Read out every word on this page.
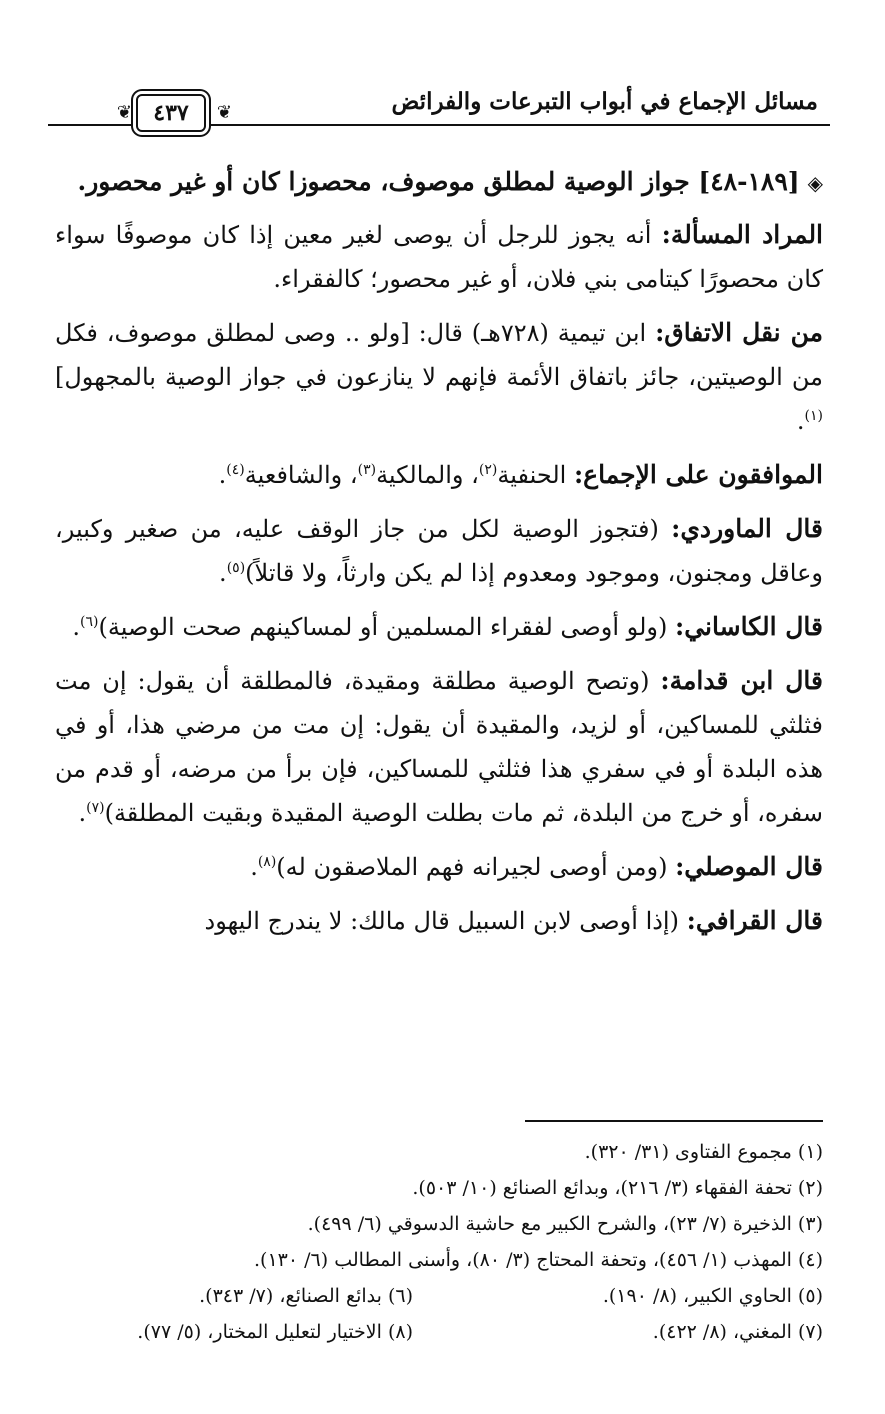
مسائل الإجماع في أبواب التبرعات والفرائض
❦ ٤٣٧	❦

◈[١٨٩-٤٨] جواز الوصية لمطلق موصوف، محصوزا كان أو غير محصور.

المراد المسألة: أنه يجوز للرجل أن يوصى لغير معين إذا كان موصوفًا سواء كان محصورًا كيتامى بني فلان، أو غير محصور؛ كالفقراء.

من نقل الاتفاق: ابن تيمية (٧٢٨هـ) قال: [ولو .. وصى لمطلق موصوف، فكل من الوصيتين، جائز باتفاق الأئمة فإنهم لا ينازعون في جواز الوصية بالمجهول]$^{(١)}$.

الموافقون على الإجماع: الحنفية$^{(٢)}$، والمالكية$^{(٣)}$، والشافعية$^{(٤)}$.

قال الماوردي: (فتجوز الوصية لكل من جاز الوقف عليه، من صغير وكبير، وعاقل ومجنون، وموجود ومعدوم إذا لم يكن وارثاً، ولا قاتلاً)$^{(٥)}$.

قال الكاساني: (ولو أوصى لفقراء المسلمين أو لمساكينهم صحت الوصية)$^{(٦)}$.

قال ابن قدامة: (وتصح الوصية مطلقة ومقيدة، فالمطلقة أن يقول: إن مت فثلثي للمساكين، أو لزيد، والمقيدة أن يقول: إن مت من مرضي هذا، أو في هذه البلدة أو في سفري هذا فثلثي للمساكين، فإن برأ من مرضه، أو قدم من سفره، أو خرج من البلدة، ثم مات بطلت الوصية المقيدة وبقيت المطلقة)$^{(٧)}$.

قال الموصلي: (ومن أوصى لجيرانه فهم الملاصقون له)$^{(٨)}$.

قال القرافي: (إذا أوصى لابن السبيل قال مالك: لا يندرج اليهود

(١) مجموع الفتاوى (٣١/ ٣٢٠).
(٢) تحفة الفقهاء (٣/ ٢١٦)، وبدائع الصنائع (١٠/ ٥٠٣).
(٣) الذخيرة (٧/ ٢٣)، والشرح الكبير مع حاشية الدسوقي (٦/ ٤٩٩).
(٤) المهذب (١/ ٤٥٦)، وتحفة المحتاج (٣/ ٨٠)، وأسنى المطالب (٦/ ١٣٠).
(٥) الحاوي الكبير، (٨/ ١٩٠).
(٦) بدائع الصنائع، (٧/ ٣٤٣).
(٧) المغني، (٨/ ٤٢٢).
(٨) الاختيار لتعليل المختار، (٥/ ٧٧).
